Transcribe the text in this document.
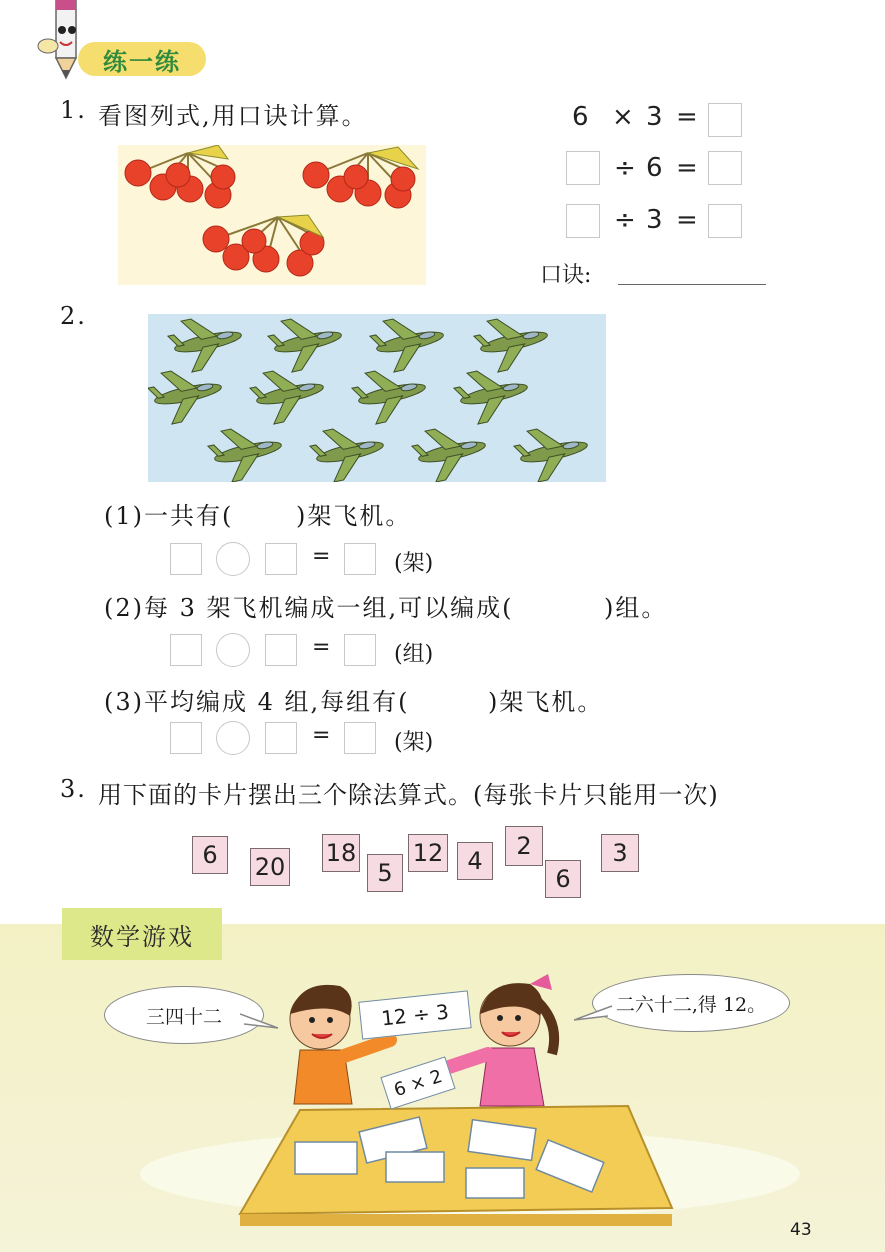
练一练
1. 看图列式,用口诀计算。	6 × 3 =
÷ 6 =
÷ 3 =
口诀:
2.
(1)一共有(	)架飞机。
=	(架)
(2)每 3 架飞机编成一组,可以编成(	)组。
=	(组)
(3)平均编成 4 组,每组有(	)架飞机。
=	(架)
3. 用下面的卡片摆出三个除法算式。(每张卡片只能用一次)
6	20 18
5
12	4
2
6
3
数学游戏
三四十二
二六十二,得 12。
12 ÷ 3
6 × 2
43
